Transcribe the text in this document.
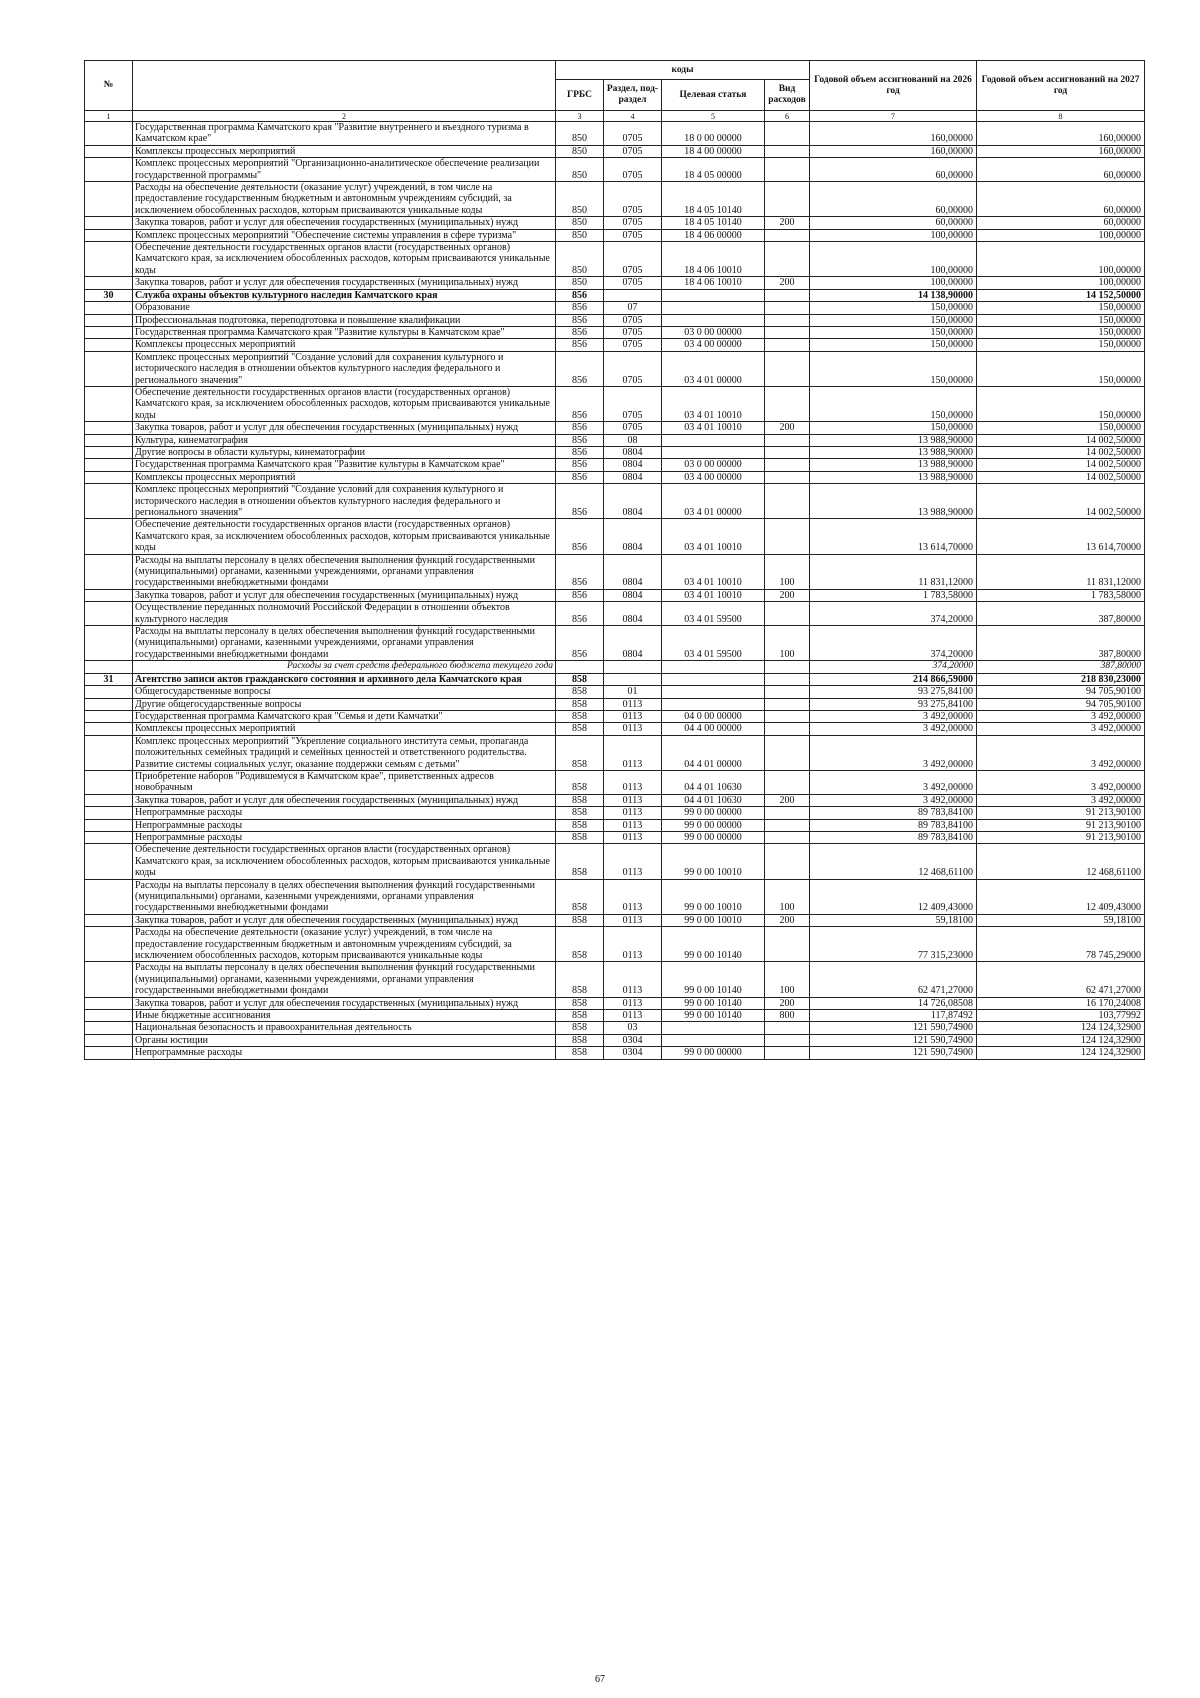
№		коды				Годовой объем ассигнований на 2026 год	Годовой объем ассигнований на 2027 год
		ГРБС	Раздел, под-раздел	Целевая статья	Вид расходов		
1	2	3	4	5	6	7	8
	Государственная программа Камчатского края "Развитие внутреннего и въездного туризма в Камчатском крае"	850	0705	18 0 00 00000		160,00000	160,00000
	Комплексы процессных мероприятий	850	0705	18 4 00 00000		160,00000	160,00000
	Комплекс процессных мероприятий "Организационно-аналитическое обеспечение реализации государственной программы"	850	0705	18 4 05 00000		60,00000	60,00000
	Расходы на обеспечение деятельности (оказание услуг) учреждений, в том числе на предоставление государственным бюджетным и автономным учреждениям субсидий, за исключением обособленных расходов, которым присваиваются уникальные коды	850	0705	18 4 05 10140		60,00000	60,00000
	Закупка товаров, работ и услуг для обеспечения государственных (муниципальных) нужд	850	0705	18 4 05 10140	200	60,00000	60,00000
	Комплекс процессных мероприятий "Обеспечение системы управления в сфере туризма"	850	0705	18 4 06 00000		100,00000	100,00000
	Обеспечение деятельности государственных органов власти (государственных органов) Камчатского края, за исключением обособленных расходов, которым присваиваются уникальные коды	850	0705	18 4 06 10010		100,00000	100,00000
	Закупка товаров, работ и услуг для обеспечения государственных (муниципальных) нужд	850	0705	18 4 06 10010	200	100,00000	100,00000
30	Служба охраны объектов культурного наследия Камчатского края	856				14 138,90000	14 152,50000
	Образование	856	07			150,00000	150,00000
	Профессиональная подготовка, переподготовка и повышение квалификации	856	0705			150,00000	150,00000
	Государственная программа Камчатского края "Развитие культуры в Камчатском крае"	856	0705	03 0 00 00000		150,00000	150,00000
	Комплексы процессных мероприятий	856	0705	03 4 00 00000		150,00000	150,00000
	Комплекс процессных мероприятий "Создание условий для сохранения культурного и исторического наследия в отношении объектов культурного наследия федерального и регионального значения"	856	0705	03 4 01 00000		150,00000	150,00000
	Обеспечение деятельности государственных органов власти (государственных органов) Камчатского края, за исключением обособленных расходов, которым присваиваются уникальные коды	856	0705	03 4 01 10010		150,00000	150,00000
	Закупка товаров, работ и услуг для обеспечения государственных (муниципальных) нужд	856	0705	03 4 01 10010	200	150,00000	150,00000
	Культура, кинематография	856	08			13 988,90000	14 002,50000
	Другие вопросы в области культуры, кинематографии	856	0804			13 988,90000	14 002,50000
	Государственная программа Камчатского края "Развитие культуры в Камчатском крае"	856	0804	03 0 00 00000		13 988,90000	14 002,50000
	Комплексы процессных мероприятий	856	0804	03 4 00 00000		13 988,90000	14 002,50000
	Комплекс процессных мероприятий "Создание условий для сохранения культурного и исторического наследия в отношении объектов культурного наследия федерального и регионального значения"	856	0804	03 4 01 00000		13 988,90000	14 002,50000
	Обеспечение деятельности государственных органов власти (государственных органов) Камчатского края, за исключением обособленных расходов, которым присваиваются уникальные коды	856	0804	03 4 01 10010		13 614,70000	13 614,70000
	Расходы на выплаты персоналу в целях обеспечения выполнения функций государственными (муниципальными) органами, казенными учреждениями, органами управления государственными внебюджетными фондами	856	0804	03 4 01 10010	100	11 831,12000	11 831,12000
	Закупка товаров, работ и услуг для обеспечения государственных (муниципальных) нужд	856	0804	03 4 01 10010	200	1 783,58000	1 783,58000
	Осуществление переданных полномочий Российской Федерации в отношении объектов культурного наследия	856	0804	03 4 01 59500		374,20000	387,80000
	Расходы на выплаты персоналу в целях обеспечения выполнения функций государственными (муниципальными) органами, казенными учреждениями, органами управления государственными внебюджетными фондами	856	0804	03 4 01 59500	100	374,20000	387,80000
	Расходы за счет средств федерального бюджета текущего года					374,20000	387,80000
31	Агентство записи актов гражданского состояния и архивного дела Камчатского края	858				214 866,59000	218 830,23000
	Общегосударственные вопросы	858	01			93 275,84100	94 705,90100
	Другие общегосударственные вопросы	858	0113			93 275,84100	94 705,90100
	Государственная программа Камчатского края "Семья и дети Камчатки"	858	0113	04 0 00 00000		3 492,00000	3 492,00000
	Комплексы процессных мероприятий	858	0113	04 4 00 00000		3 492,00000	3 492,00000
	Комплекс процессных мероприятий "Укрепление социального института семьи, пропаганда положительных семейных традиций и семейных ценностей и ответственного родительства. Развитие системы социальных услуг, оказание поддержки семьям с детьми"	858	0113	04 4 01 00000		3 492,00000	3 492,00000
	Приобретение наборов "Родившемуся в Камчатском крае", приветственных адресов новобрачным	858	0113	04 4 01 10630		3 492,00000	3 492,00000
	Закупка товаров, работ и услуг для обеспечения государственных (муниципальных) нужд	858	0113	04 4 01 10630	200	3 492,00000	3 492,00000
	Непрограммные расходы	858	0113	99 0 00 00000		89 783,84100	91 213,90100
	Непрограммные расходы	858	0113	99 0 00 00000		89 783,84100	91 213,90100
	Непрограммные расходы	858	0113	99 0 00 00000		89 783,84100	91 213,90100
	Обеспечение деятельности государственных органов власти (государственных органов) Камчатского края, за исключением обособленных расходов, которым присваиваются уникальные коды	858	0113	99 0 00 10010		12 468,61100	12 468,61100
	Расходы на выплаты персоналу в целях обеспечения выполнения функций государственными (муниципальными) органами, казенными учреждениями, органами управления государственными внебюджетными фондами	858	0113	99 0 00 10010	100	12 409,43000	12 409,43000
	Закупка товаров, работ и услуг для обеспечения государственных (муниципальных) нужд	858	0113	99 0 00 10010	200	59,18100	59,18100
	Расходы на обеспечение деятельности (оказание услуг) учреждений, в том числе на предоставление государственным бюджетным и автономным учреждениям субсидий, за исключением обособленных расходов, которым присваиваются уникальные коды	858	0113	99 0 00 10140		77 315,23000	78 745,29000
	Расходы на выплаты персоналу в целях обеспечения выполнения функций государственными (муниципальными) органами, казенными учреждениями, органами управления государственными внебюджетными фондами	858	0113	99 0 00 10140	100	62 471,27000	62 471,27000
	Закупка товаров, работ и услуг для обеспечения государственных (муниципальных) нужд	858	0113	99 0 00 10140	200	14 726,08508	16 170,24008
	Иные бюджетные ассигнования	858	0113	99 0 00 10140	800	117,87492	103,77992
	Национальная безопасность и правоохранительная деятельность	858	03			121 590,74900	124 124,32900
	Органы юстиции	858	0304			121 590,74900	124 124,32900
	Непрограммные расходы	858	0304	99 0 00 00000		121 590,74900	124 124,32900
67
